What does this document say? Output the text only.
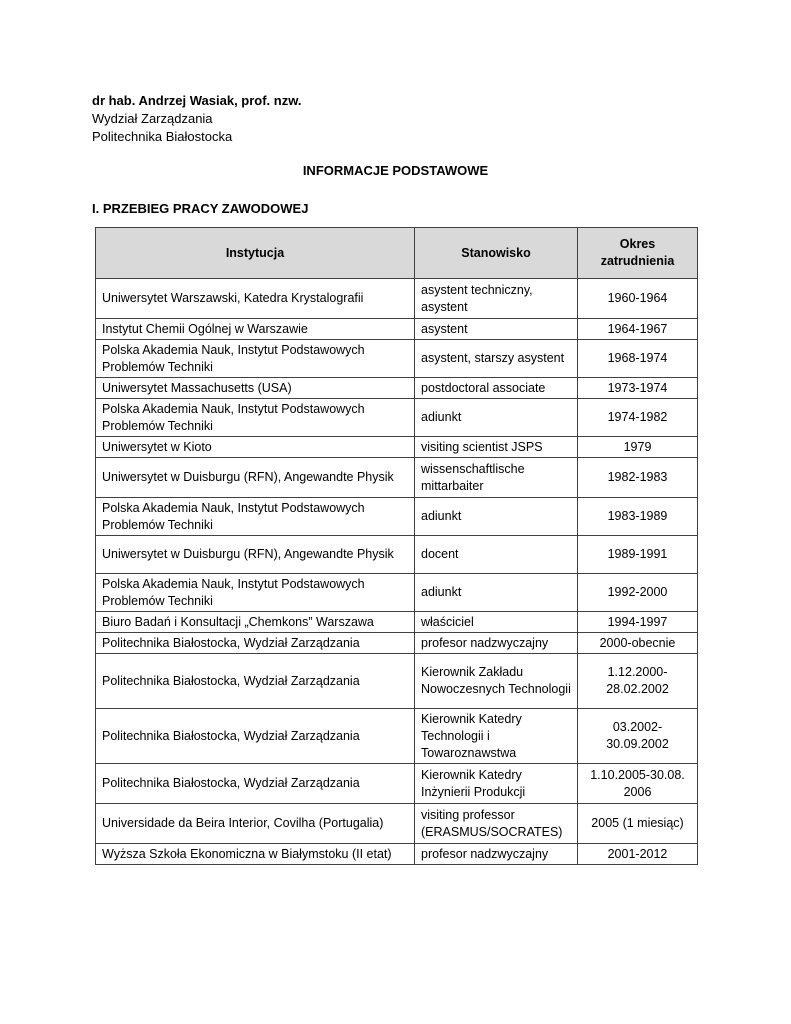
dr hab. Andrzej Wasiak, prof. nzw.
Wydział Zarządzania
Politechnika Białostocka
INFORMACJE PODSTAWOWE
I. PRZEBIEG PRACY ZAWODOWEJ
Instytucja	Stanowisko	Okres zatrudnienia
Uniwersytet Warszawski, Katedra Krystalografii	asystent techniczny, asystent	1960-1964
Instytut Chemii Ogólnej w Warszawie	asystent	1964-1967
Polska Akademia Nauk, Instytut Podstawowych Problemów Techniki	asystent, starszy asystent	1968-1974
Uniwersytet Massachusetts (USA)	postdoctoral associate	1973-1974
Polska Akademia Nauk, Instytut Podstawowych Problemów Techniki	adiunkt	1974-1982
Uniwersytet w Kioto	visiting scientist JSPS	1979
Uniwersytet w Duisburgu (RFN), Angewandte Physik	wissenschaftlische mittarbaiter	1982-1983
Polska Akademia Nauk, Instytut Podstawowych Problemów Techniki	adiunkt	1983-1989
Uniwersytet w Duisburgu (RFN), Angewandte Physik	docent	1989-1991
Polska Akademia Nauk, Instytut Podstawowych Problemów Techniki	adiunkt	1992-2000
Biuro Badań i Konsultacji „Chemkons” Warszawa	właściciel	1994-1997
Politechnika Białostocka, Wydział Zarządzania	profesor nadzwyczajny	2000-obecnie
Politechnika Białostocka, Wydział Zarządzania	Kierownik Zakładu Nowoczesnych Technologii	1.12.2000- 28.02.2002
Politechnika Białostocka, Wydział Zarządzania	Kierownik Katedry Technologii i Towaroznawstwa	03.2002- 30.09.2002
Politechnika Białostocka, Wydział Zarządzania	Kierownik Katedry Inżynierii Produkcji	1.10.2005-30.08. 2006
Universidade da Beira Interior, Covilha (Portugalia)	visiting professor (ERASMUS/SOCRATES)	2005 (1 miesiąc)
Wyższa Szkoła Ekonomiczna w Białymstoku (II etat)	profesor nadzwyczajny	2001-2012
